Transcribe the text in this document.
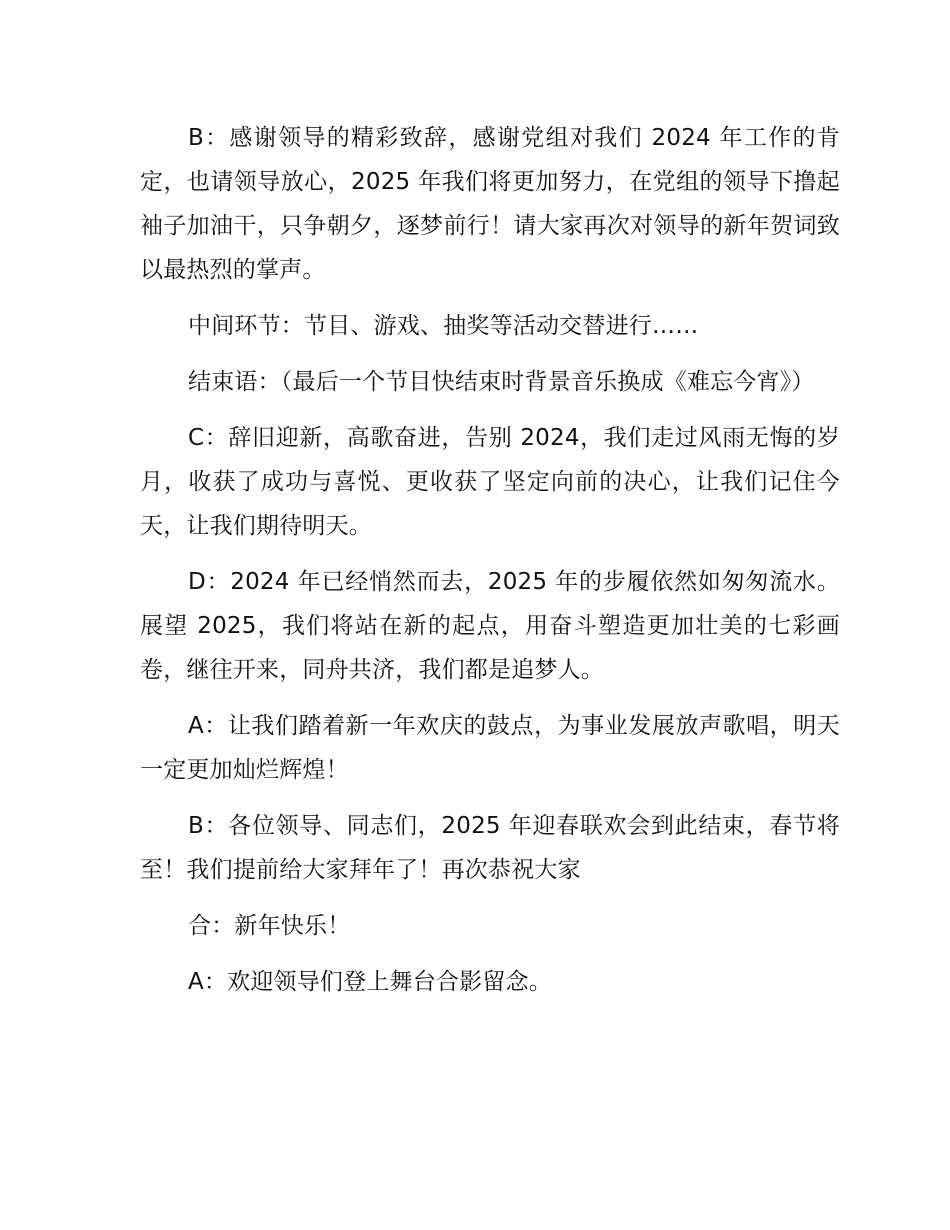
B：感谢领导的精彩致辞，感谢党组对我们 2024 年工作的肯定，也请领导放心，2025 年我们将更加努力，在党组的领导下撸起袖子加油干，只争朝夕，逐梦前行！请大家再次对领导的新年贺词致以最热烈的掌声。

中间环节：节目、游戏、抽奖等活动交替进行……

结束语：（最后一个节目快结束时背景音乐换成《难忘今宵》）

C：辞旧迎新，高歌奋进，告别 2024，我们走过风雨无悔的岁月，收获了成功与喜悦、更收获了坚定向前的决心，让我们记住今天，让我们期待明天。

D：2024 年已经悄然而去，2025 年的步履依然如匆匆流水。展望 2025，我们将站在新的起点，用奋斗塑造更加壮美的七彩画卷，继往开来，同舟共济，我们都是追梦人。

A：让我们踏着新一年欢庆的鼓点，为事业发展放声歌唱，明天一定更加灿烂辉煌！

B：各位领导、同志们，2025 年迎春联欢会到此结束，春节将至！我们提前给大家拜年了！再次恭祝大家

合：新年快乐！

A：欢迎领导们登上舞台合影留念。
